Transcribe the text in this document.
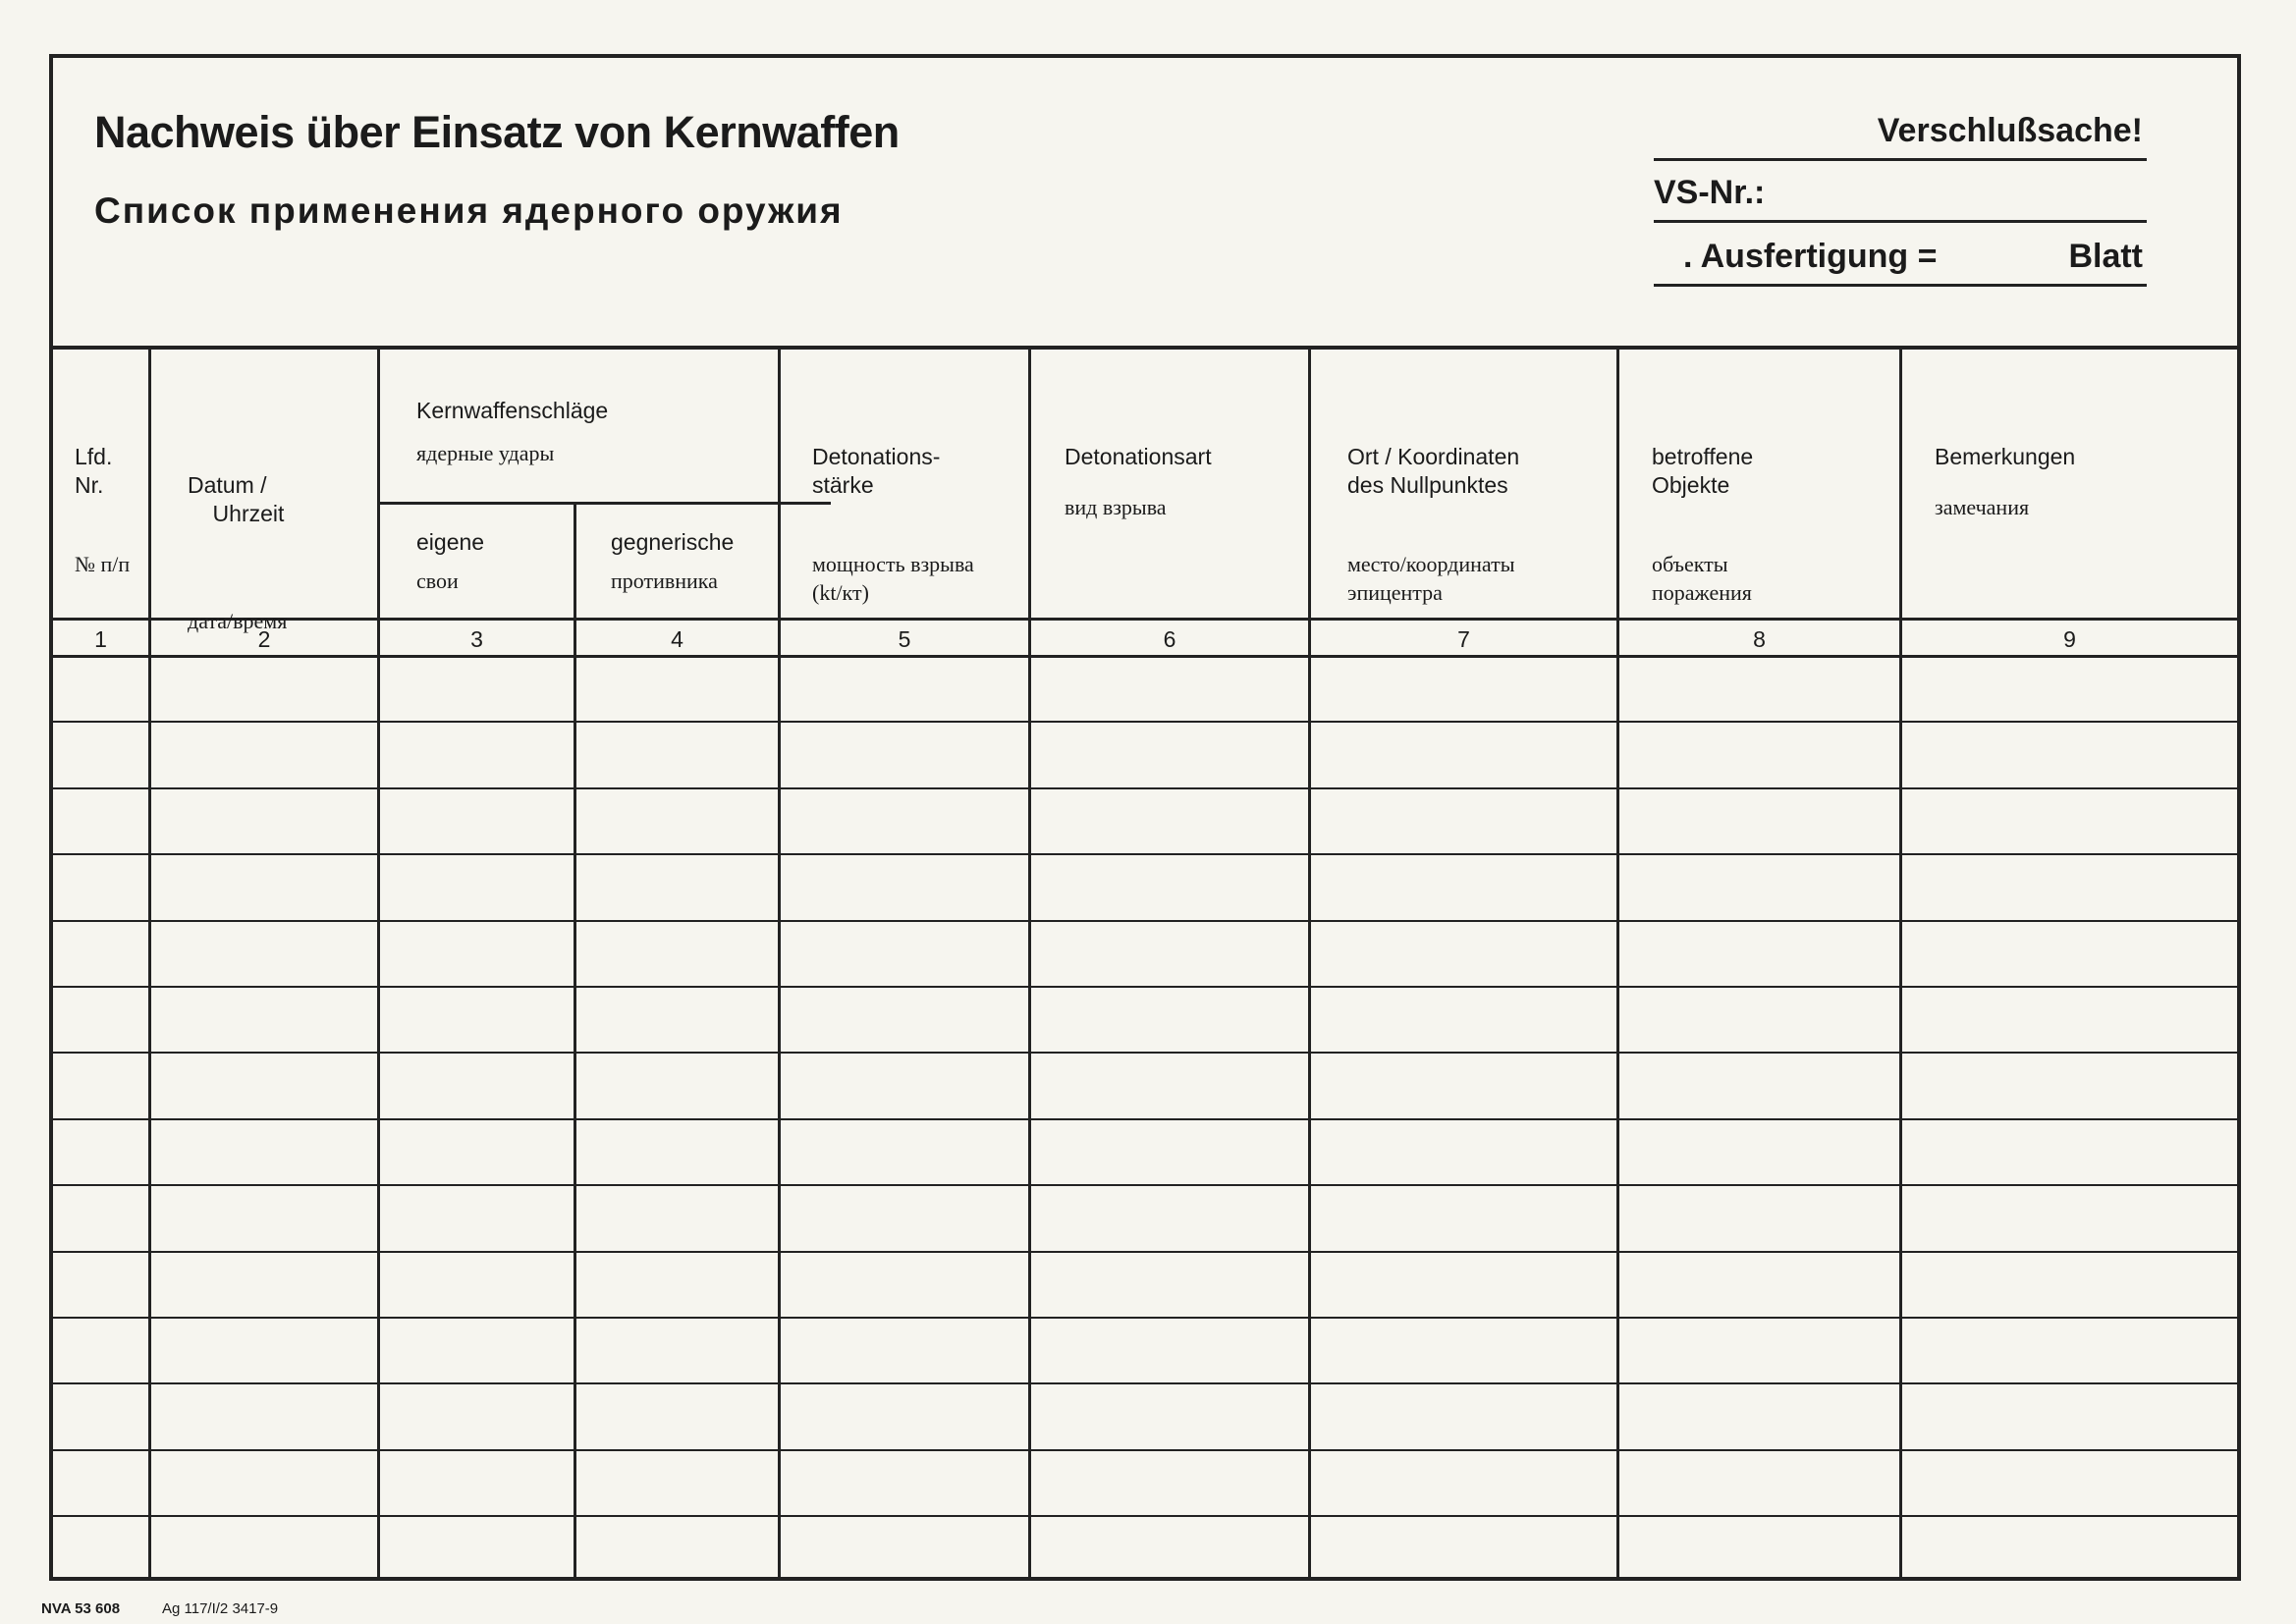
Nachweis über Einsatz von Kernwaffen
Список применения ядерного оружия
Verschlußsache!
VS-Nr.:
. Ausfertigung =	Blatt

Lfd.
Nr.

№ п/п

Datum /
Uhrzeit

дата/время

Kernwaffenschläge
ядерные удары
eigene
свои
gegnerische
противника

Detonations-
stärke

мощность взрыва
(kt/кт)

Detonationsart
вид взрыва

Ort / Koordinaten
des Nullpunktes

меcто/координаты
эпицентра

betroffene
Objekte

объекты
поражения

Bemerkungen
замечания
1	2	3	4	5	6	7	8	9
NVA 53 608	Ag 117/I/2 3417-9
